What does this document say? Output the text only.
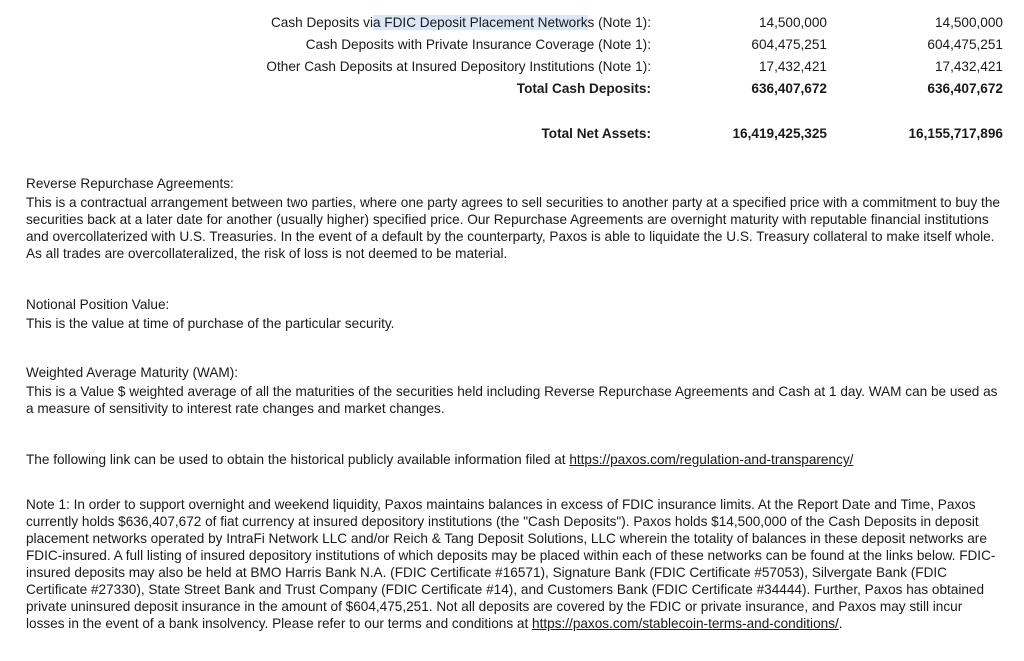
Cash Deposits via FDIC Deposit Placement Networks (Note 1):	14,500,000	14,500,000
Cash Deposits with Private Insurance Coverage (Note 1):	604,475,251	604,475,251
Other Cash Deposits at Insured Depository Institutions (Note 1):	17,432,421	17,432,421
Total Cash Deposits:	636,407,672	636,407,672
Total Net Assets:	16,419,425,325	16,155,717,896

Reverse Repurchase Agreements:

This is a contractual arrangement between two parties, where one party agrees to sell securities to another party at a specified price with a commitment to buy the securities back at a later date for another (usually higher) specified price. Our Repurchase Agreements are overnight maturity with reputable financial institutions and overcollaterized with U.S. Treasuries. In the event of a default by the counterparty, Paxos is able to liquidate the U.S. Treasury collateral to make itself whole. As all trades are overcollateralized, the risk of loss is not deemed to be material.

Notional Position Value:

This is the value at time of purchase of the particular security.

Weighted Average Maturity (WAM):

This is a Value $ weighted average of all the maturities of the securities held including Reverse Repurchase Agreements and Cash at 1 day. WAM can be used as a measure of sensitivity to interest rate changes and market changes.

The following link can be used to obtain the historical publicly available information filed at https://paxos.com/regulation-and-transparency/

Note 1: In order to support overnight and weekend liquidity, Paxos maintains balances in excess of FDIC insurance limits. At the Report Date and Time, Paxos currently holds $636,407,672 of fiat currency at insured depository institutions (the "Cash Deposits"). Paxos holds $14,500,000 of the Cash Deposits in deposit placement networks operated by IntraFi Network LLC and/or Reich & Tang Deposit Solutions, LLC wherein the totality of balances in these deposit networks are FDIC-insured. A full listing of insured depository institutions of which deposits may be placed within each of these networks can be found at the links below. FDIC-insured deposits may also be held at BMO Harris Bank N.A. (FDIC Certificate #16571), Signature Bank (FDIC Certificate #57053), Silvergate Bank (FDIC Certificate #27330), State Street Bank and Trust Company (FDIC Certificate #14), and Customers Bank (FDIC Certificate #34444). Further, Paxos has obtained private uninsured deposit insurance in the amount of $604,475,251. Not all deposits are covered by the FDIC or private insurance, and Paxos may still incur losses in the event of a bank insolvency. Please refer to our terms and conditions at https://paxos.com/stablecoin-terms-and-conditions/.
